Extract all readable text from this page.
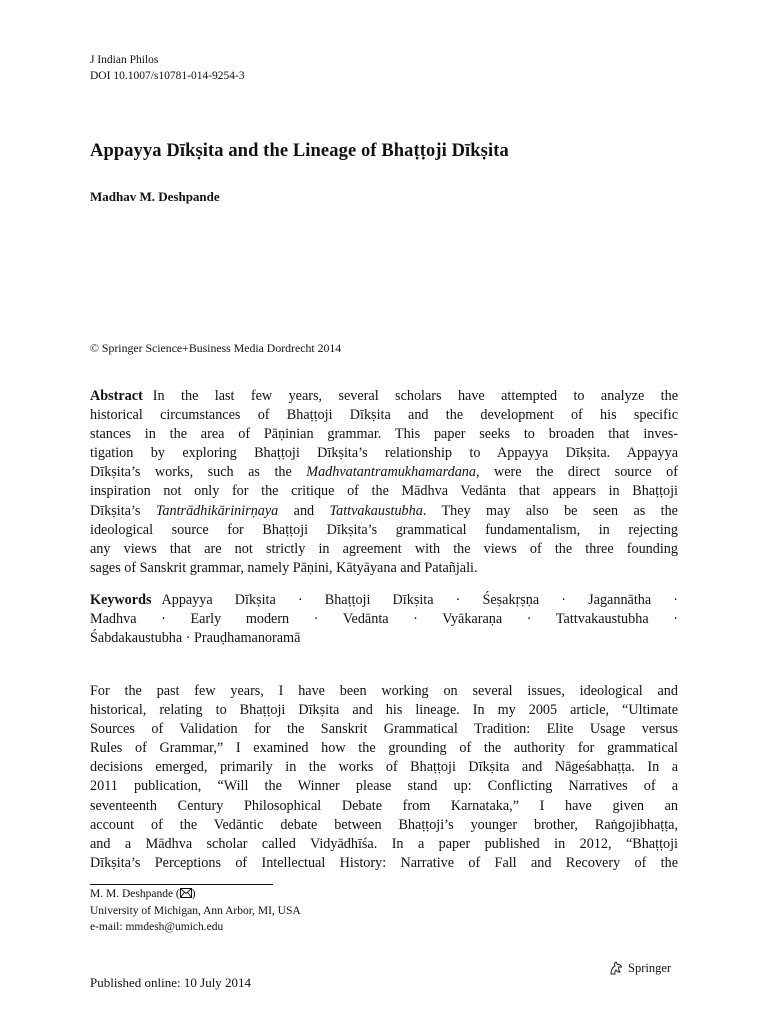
J Indian Philos
DOI 10.1007/s10781-014-9254-3
Appayya Dīkṣita and the Lineage of Bhaṭṭoji Dīkṣita
Madhav M. Deshpande
© Springer Science+Business Media Dordrecht 2014
Abstract In the last few years, several scholars have attempted to analyze the
historical circumstances of Bhaṭṭoji Dīkṣita and the development of his specific
stances in the area of Pāṇinian grammar. This paper seeks to broaden that inves-
tigation by exploring Bhaṭṭoji Dīkṣita’s relationship to Appayya Dīkṣita. Appayya
Dīkṣita’s works, such as the Madhvatantramukhamardana, were the direct source of
inspiration not only for the critique of the Mādhva Vedānta that appears in Bhaṭṭoji
Dīkṣita’s Tantrādhikārinirṇaya and Tattvakaustubha. They may also be seen as the
ideological source for Bhaṭṭoji Dīkṣita’s grammatical fundamentalism, in rejecting
any views that are not strictly in agreement with the views of the three founding
sages of Sanskrit grammar, namely Pāṇini, Kātyāyana and Patañjali.
Keywords Appayya Dīkṣita · Bhaṭṭoji Dīkṣita · Śeṣakṛṣṇa · Jagannātha ·
Madhva · Early modern · Vedānta · Vyākaraṇa · Tattvakaustubha ·
Śabdakaustubha · Prauḍhamanoramā
For the past few years, I have been working on several issues, ideological and
historical, relating to Bhaṭṭoji Dīkṣita and his lineage. In my 2005 article, “Ultimate
Sources of Validation for the Sanskrit Grammatical Tradition: Elite Usage versus
Rules of Grammar,” I examined how the grounding of the authority for grammatical
decisions emerged, primarily in the works of Bhaṭṭoji Dīkṣita and Nāgeśabhaṭṭa. In a
2011 publication, “Will the Winner please stand up: Conflicting Narratives of a
seventeenth Century Philosophical Debate from Karnataka,” I have given an
account of the Vedāntic debate between Bhaṭṭoji’s younger brother, Raṅgojibhaṭṭa,
and a Mādhva scholar called Vidyādhīśa. In a paper published in 2012, “Bhaṭṭoji
Dīkṣita’s Perceptions of Intellectual History: Narrative of Fall and Recovery of the
M. M. Deshpande ( )
University of Michigan, Ann Arbor, MI, USA
e-mail: mmdesh@umich.edu
Published online: 10 July 2014
Springer
